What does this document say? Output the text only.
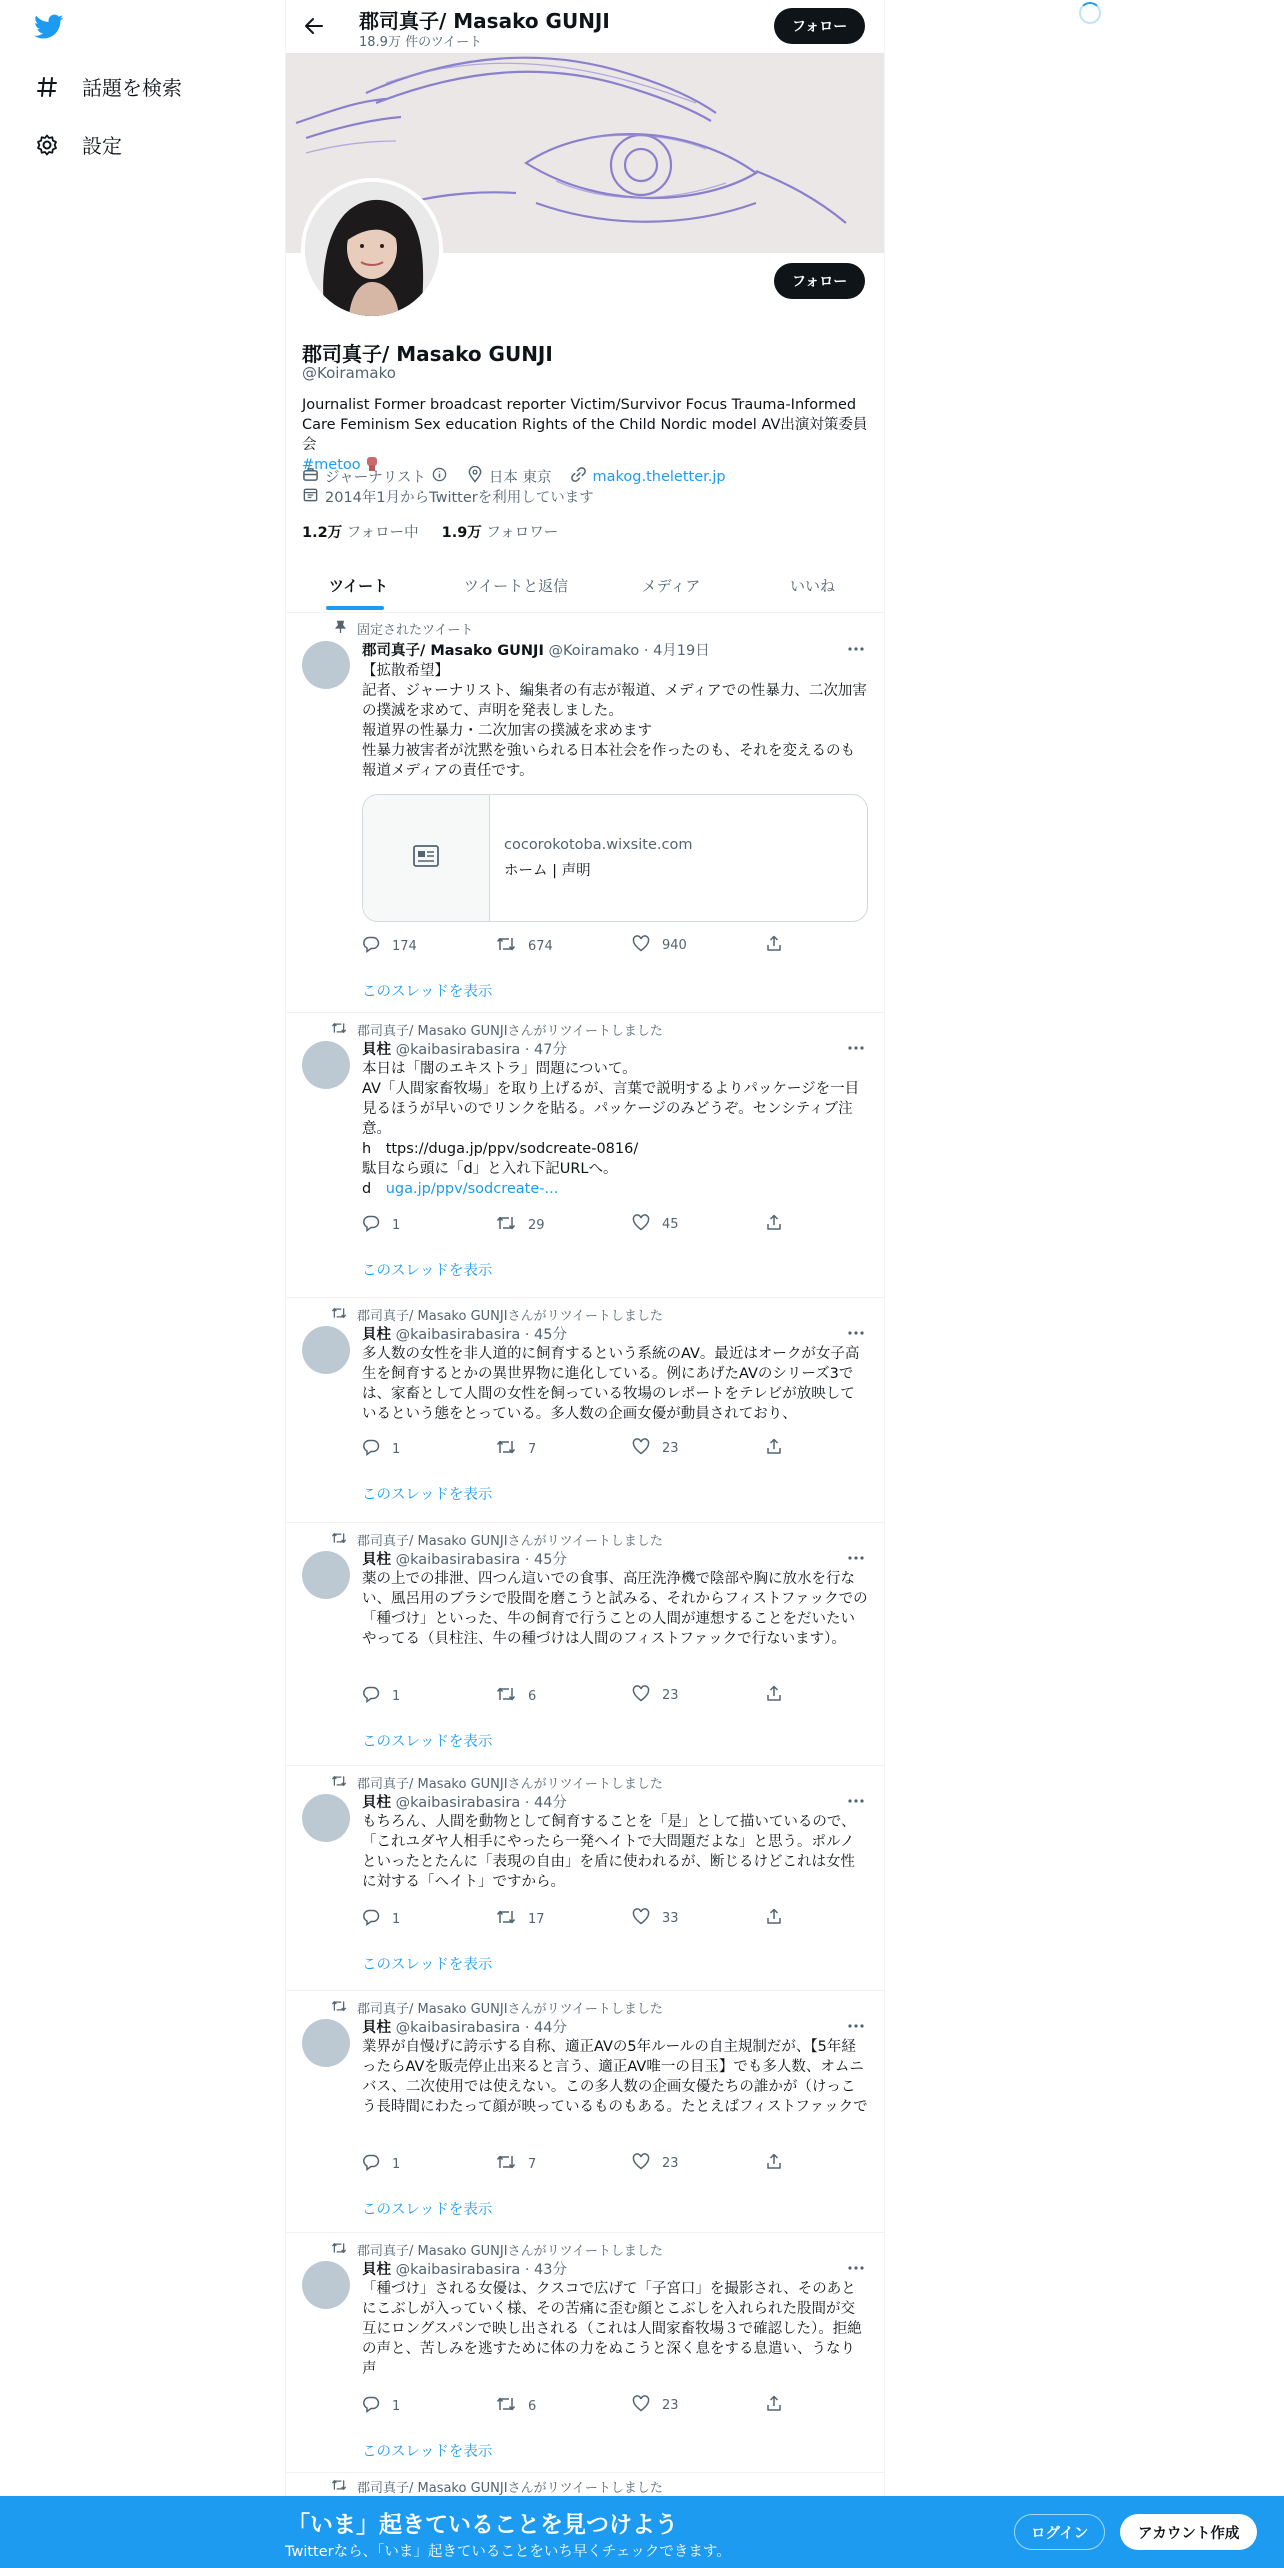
話題を検索
設定
郡司真子/ Masako GUNJI
18.9万 件のツイート
フォロー
フォロー
郡司真子/ Masako GUNJI
@Koiramako
Journalist Former broadcast reporter Victim/Survivor Focus Trauma-Informed Care Feminism Sex education Rights of the Child Nordic model AV出演対策委員会
#metoo
ジャーナリスト	日本 東京	makog.theletter.jp
2014年1月からTwitterを利用しています
1.2万 フォロー中 1.9万 フォロワー
ツイート	ツイートと返信	メディア	いいね
固定されたツイート
郡司真子/ Masako GUNJI @Koiramako · 4月19日
【拡散希望】
記者、ジャーナリスト、編集者の有志が報道、メディアでの性暴力、二次加害の撲滅を求めて、声明を発表しました。
報道界の性暴力・二次加害の撲滅を求めます
性暴力被害者が沈黙を強いられる日本社会を作ったのも、それを変えるのも報道メディアの責任です。
cocorokotoba.wixsite.com
ホーム | 声明
174	674	940
このスレッドを表示
郡司真子/ Masako GUNJIさんがリツイートしました
貝柱 @kaibasirabasira · 47分
本日は「闇のエキストラ」問題について。
AV「人間家畜牧場」を取り上げるが、言葉で説明するよりパッケージを一目見るほうが早いのでリンクを貼る。パッケージのみどうぞ。センシティブ注意。
h　ttps://duga.jp/ppv/sodcreate-0816/
駄目なら頭に「d」と入れ下記URLへ。
d　uga.jp/ppv/sodcreate-...
1	29	45
このスレッドを表示
郡司真子/ Masako GUNJIさんがリツイートしました
貝柱 @kaibasirabasira · 45分
多人数の女性を非人道的に飼育するという系統のAV。最近はオークが女子高生を飼育するとかの異世界物に進化している。例にあげたAVのシリーズ3では、家畜として人間の女性を飼っている牧場のレポートをテレビが放映しているという態をとっている。多人数の企画女優が動員されており、
1	7	23
このスレッドを表示
郡司真子/ Masako GUNJIさんがリツイートしました
貝柱 @kaibasirabasira · 45分
薬の上での排泄、四つん這いでの食事、高圧洗浄機で陰部や胸に放水を行ない、風呂用のブラシで股間を磨こうと試みる、それからフィストファックでの「種づけ」といった、牛の飼育で行うことの人間が連想することをだいたいやってる（貝柱注、牛の種づけは人間のフィストファックで行ないます）。
1	6	23
このスレッドを表示
郡司真子/ Masako GUNJIさんがリツイートしました
貝柱 @kaibasirabasira · 44分
もちろん、人間を動物として飼育することを「是」として描いているので、「これユダヤ人相手にやったら一発ヘイトで大問題だよな」と思う。ポルノといったとたんに「表現の自由」を盾に使われるが、断じるけどこれは女性に対する「ヘイト」ですから。
1	17	33
このスレッドを表示
郡司真子/ Masako GUNJIさんがリツイートしました
貝柱 @kaibasirabasira · 44分
業界が自慢げに誇示する自称、適正AVの5年ルールの自主規制だが、【5年経ったらAVを販売停止出来ると言う、適正AV唯一の目玉】でも多人数、オムニバス、二次使用では使えない。この多人数の企画女優たちの誰かが（けっこう長時間にわたって顔が映っているものもある。たとえばフィストファックで
1	7	23
このスレッドを表示
郡司真子/ Masako GUNJIさんがリツイートしました
貝柱 @kaibasirabasira · 43分
「種づけ」される女優は、クスコで広げて「子宮口」を撮影され、そのあとにこぶしが入っていく様、その苦痛に歪む顔とこぶしを入れられた股間が交互にロングスパンで映し出される（これは人間家畜牧場３で確認した）。拒絶の声と、苦しみを逃すために体の力をぬこうと深く息をする息遣い、うなり声
1	6	23
このスレッドを表示
郡司真子/ Masako GUNJIさんがリツイートしました
「いま」起きていることを見つけよう
Twitterなら、「いま」起きていることをいち早くチェックできます。
ログイン	アカウント作成
